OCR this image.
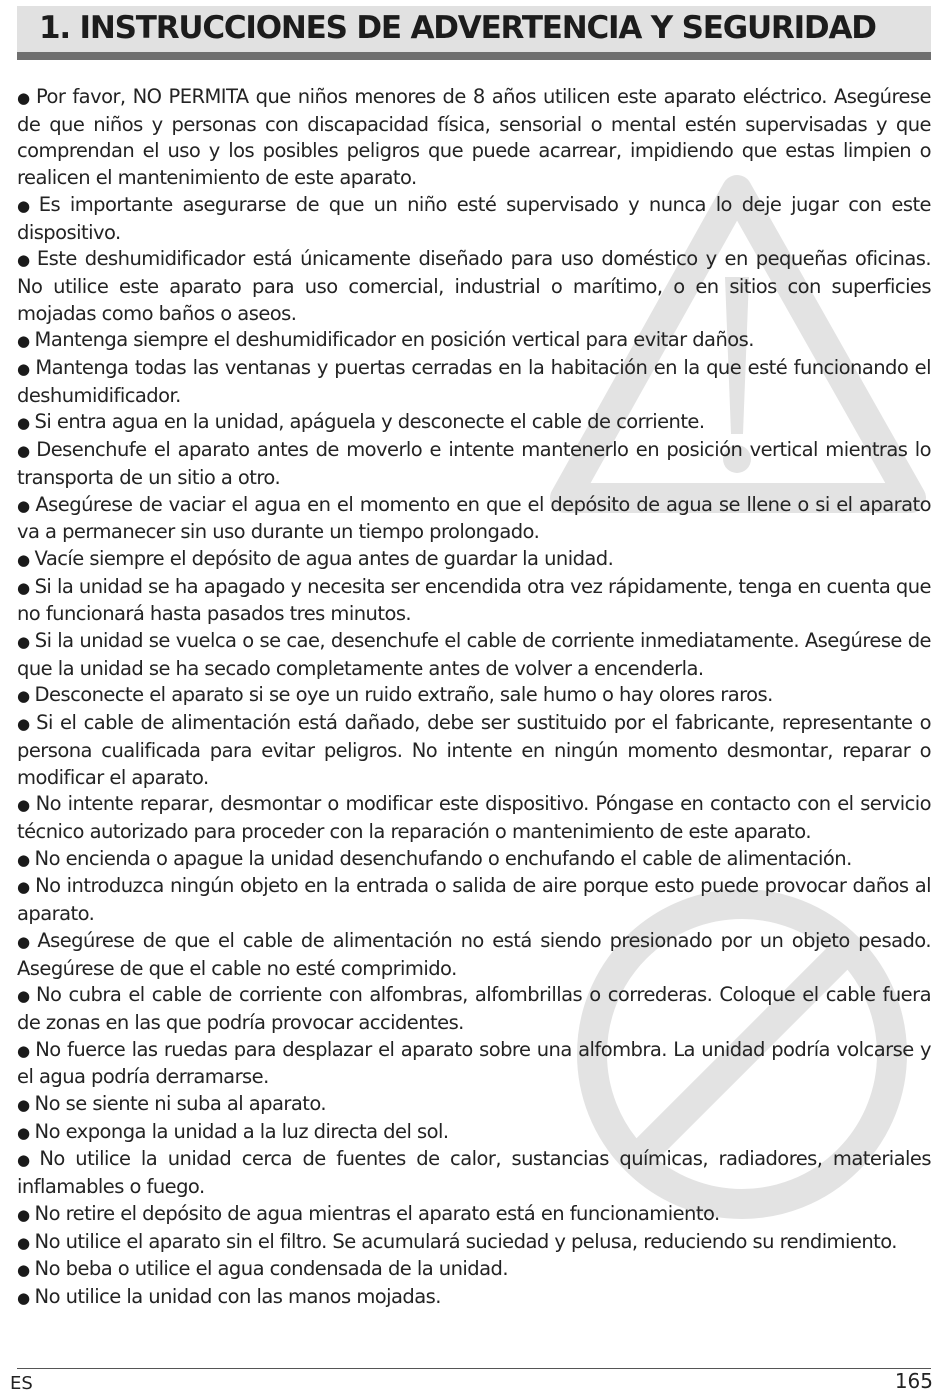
1. INSTRUCCIONES DE ADVERTENCIA Y SEGURIDAD

● Por favor, NO PERMITA que niños menores de 8 años utilicen este aparato eléctrico. Asegúrese de que niños y personas con discapacidad física, sensorial o mental estén supervisadas y que comprendan el uso y los posibles peligros que puede acarrear, impidiendo que estas limpien o realicen el mantenimiento de este aparato.

● Es importante asegurarse de que un niño esté supervisado y nunca lo deje jugar con este dispositivo.

● Este deshumidificador está únicamente diseñado para uso doméstico y en pequeñas oficinas. No utilice este aparato para uso comercial, industrial o marítimo, o en sitios con superficies mojadas como baños o aseos.

● Mantenga siempre el deshumidificador en posición vertical para evitar daños.

● Mantenga todas las ventanas y puertas cerradas en la habitación en la que esté funcionando el deshumidificador.

● Si entra agua en la unidad, apáguela y desconecte el cable de corriente.

● Desenchufe el aparato antes de moverlo e intente mantenerlo en posición vertical mientras lo transporta de un sitio a otro.

● Asegúrese de vaciar el agua en el momento en que el depósito de agua se llene o si el aparato va a permanecer sin uso durante un tiempo prolongado.

● Vacíe siempre el depósito de agua antes de guardar la unidad.

● Si la unidad se ha apagado y necesita ser encendida otra vez rápidamente, tenga en cuenta que no funcionará hasta pasados tres minutos.

● Si la unidad se vuelca o se cae, desenchufe el cable de corriente inmediatamente. Asegúrese de que la unidad se ha secado completamente antes de volver a encenderla.

● Desconecte el aparato si se oye un ruido extraño, sale humo o hay olores raros.

● Si el cable de alimentación está dañado, debe ser sustituido por el fabricante, representante o persona cualificada para evitar peligros. No intente en ningún momento desmontar, reparar o modificar el aparato.

● No intente reparar, desmontar o modificar este dispositivo. Póngase en contacto con el servicio técnico autorizado para proceder con la reparación o mantenimiento de este aparato.

● No encienda o apague la unidad desenchufando o enchufando el cable de alimentación.

● No introduzca ningún objeto en la entrada o salida de aire porque esto puede provocar daños al aparato.

● Asegúrese de que el cable de alimentación no está siendo presionado por un objeto pesado. Asegúrese de que el cable no esté comprimido.

● No cubra el cable de corriente con alfombras, alfombrillas o correderas. Coloque el cable fuera de zonas en las que podría provocar accidentes.

● No fuerce las ruedas para desplazar el aparato sobre una alfombra. La unidad podría volcarse y el agua podría derramarse.

● No se siente ni suba al aparato.

● No exponga la unidad a la luz directa del sol.

● No utilice la unidad cerca de fuentes de calor, sustancias químicas, radiadores, materiales inflamables o fuego.

● No retire el depósito de agua mientras el aparato está en funcionamiento.

● No utilice el aparato sin el filtro. Se acumulará suciedad y pelusa, reduciendo su rendimiento.

● No beba o utilice el agua condensada de la unidad.

● No utilice la unidad con las manos mojadas.

ES	165
